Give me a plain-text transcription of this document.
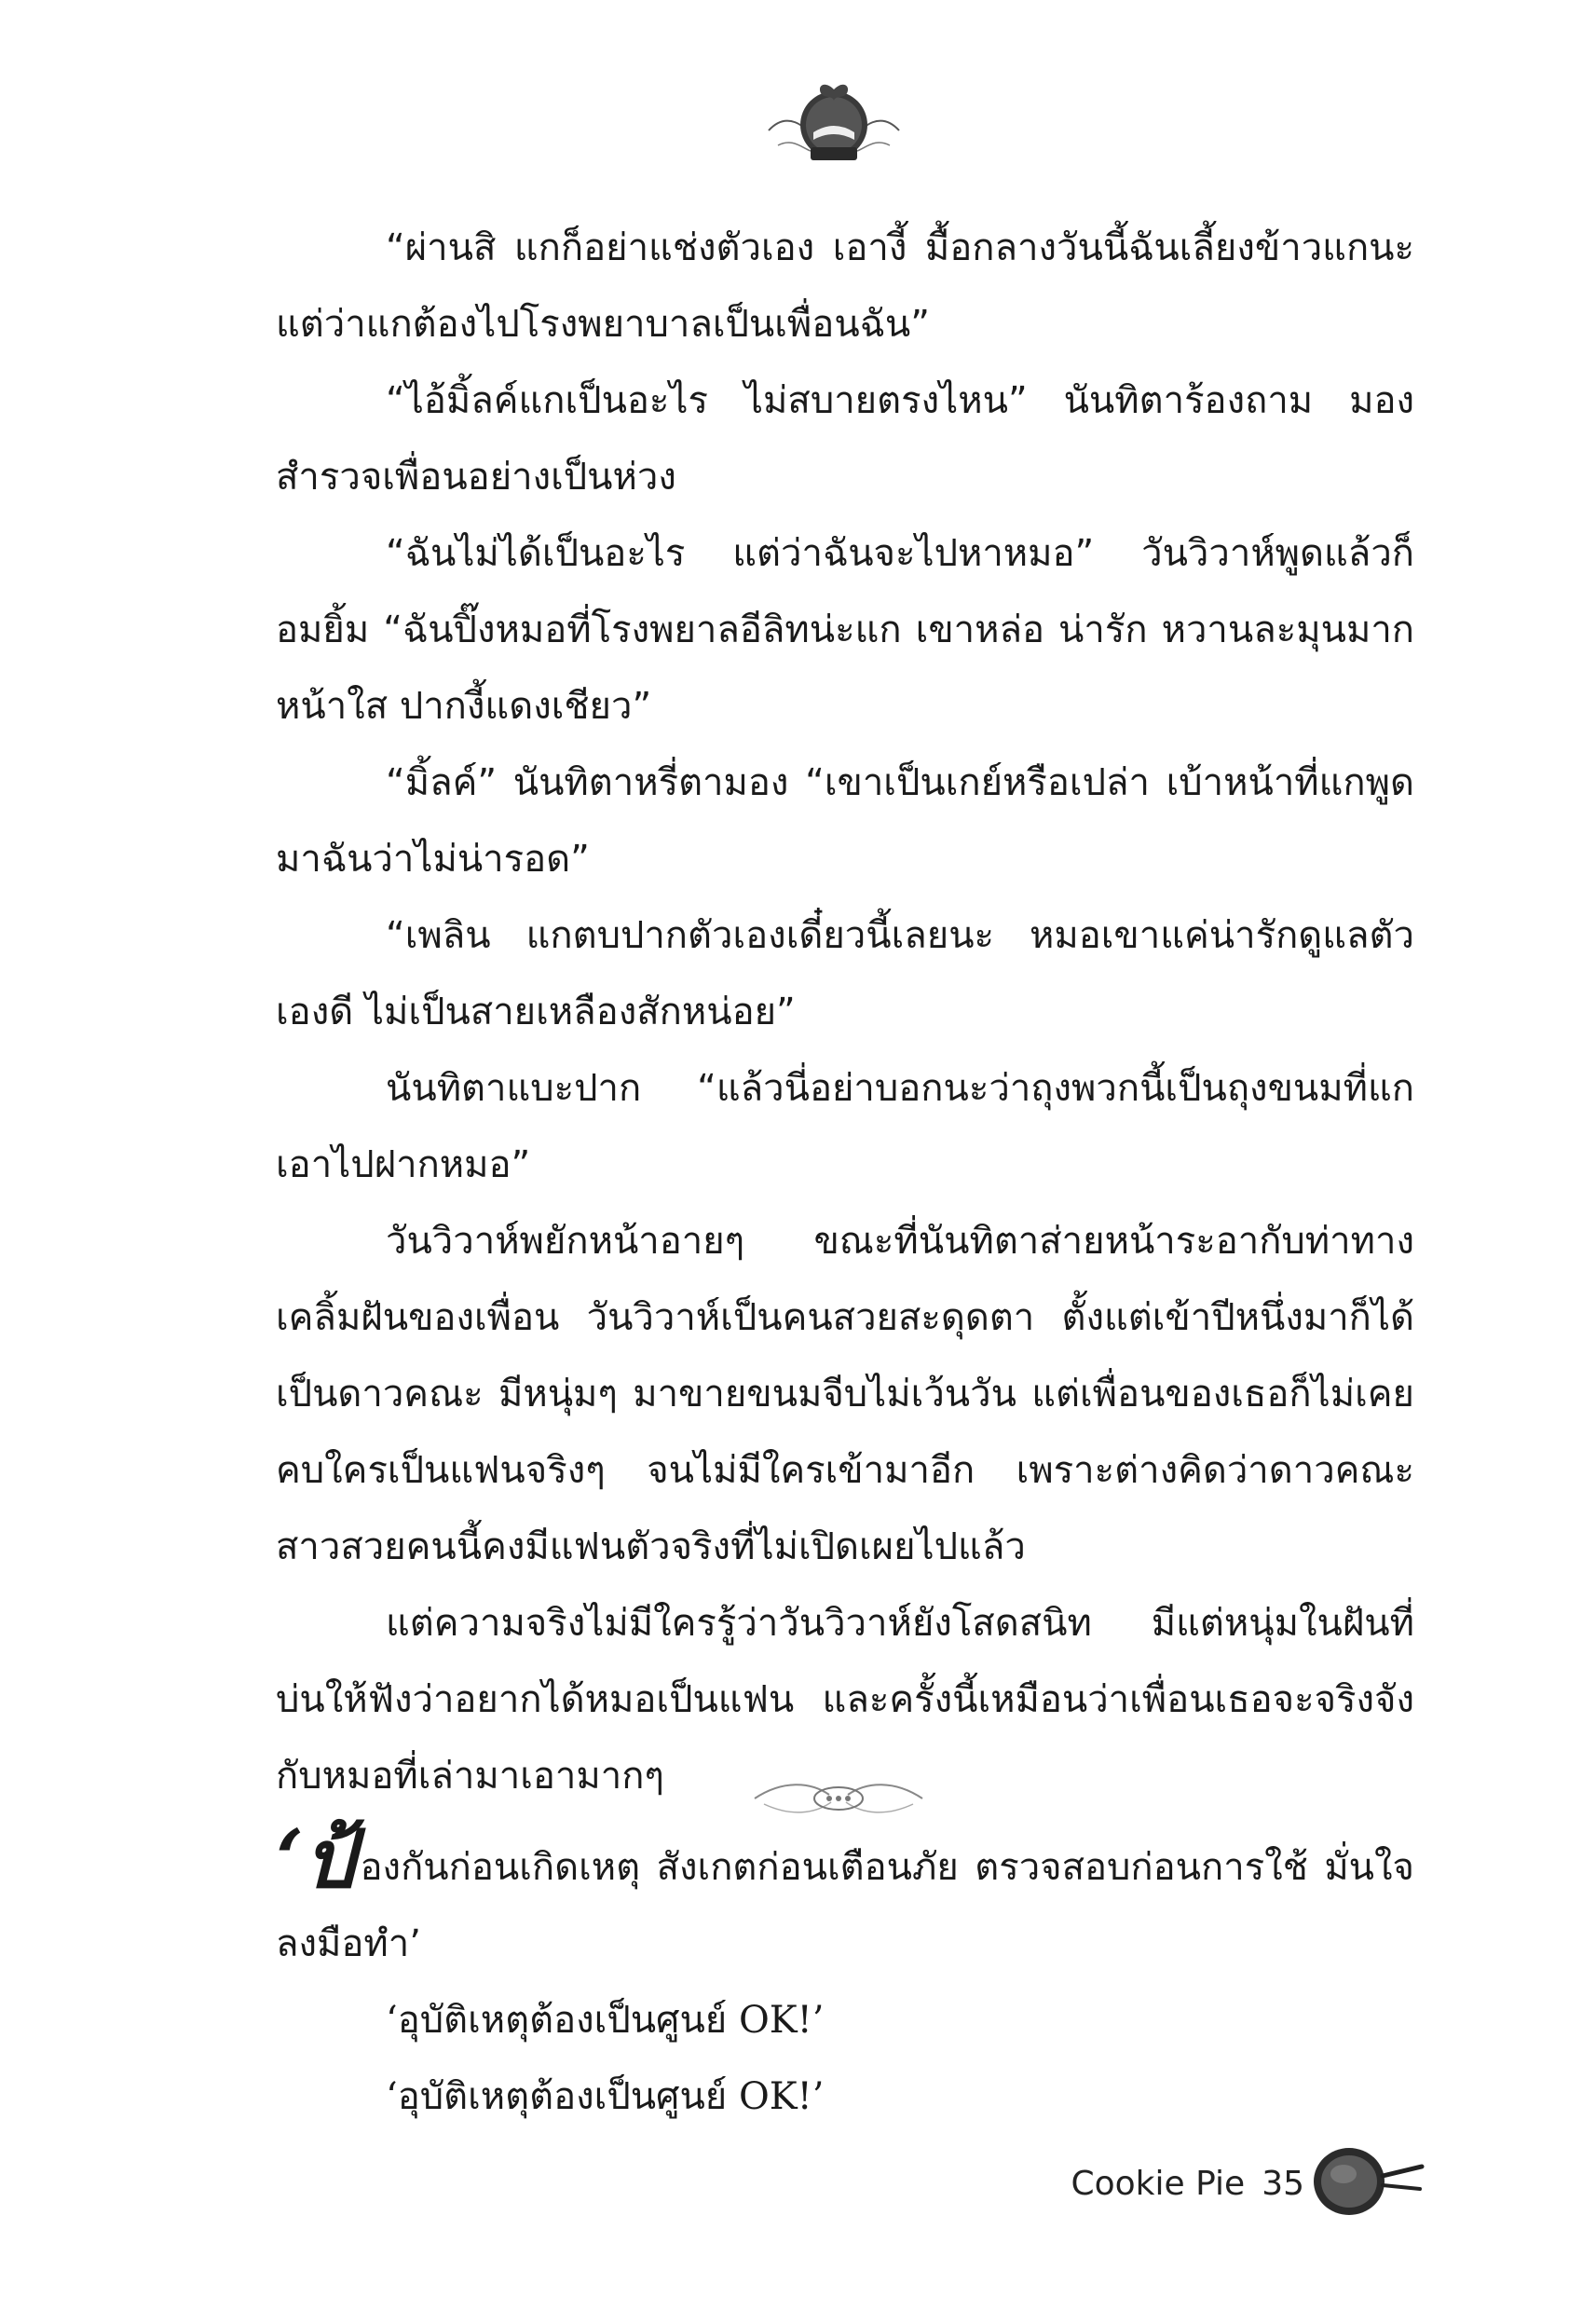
“ผ่านสิ แกก็อย่าแช่งตัวเอง เอางี้ มื้อกลางวันนี้ฉันเลี้ยงข้าวแกนะ แต่ว่าแกต้องไปโรงพยาบาลเป็นเพื่อนฉัน”

“ไอ้มิ้ลค์แกเป็นอะไร ไม่สบายตรงไหน” นันทิตาร้องถาม มองสำรวจเพื่อนอย่างเป็นห่วง

“ฉันไม่ได้เป็นอะไร แต่ว่าฉันจะไปหาหมอ” วันวิวาห์พูดแล้วก็อมยิ้ม “ฉันปิ๊งหมอที่โรงพยาลอีลิทน่ะแก เขาหล่อ น่ารัก หวานละมุนมาก หน้าใส ปากงี้แดงเชียว”

“มิ้ลค์” นันทิตาหรี่ตามอง “เขาเป็นเกย์หรือเปล่า เบ้าหน้าที่แกพูดมาฉันว่าไม่น่ารอด”

“เพลิน แกตบปากตัวเองเดี๋ยวนี้เลยนะ หมอเขาแค่น่ารักดูแลตัวเองดี ไม่เป็นสายเหลืองสักหน่อย”

นันทิตาแบะปาก “แล้วนี่อย่าบอกนะว่าถุงพวกนี้เป็นถุงขนมที่แกเอาไปฝากหมอ”

วันวิวาห์พยักหน้าอายๆ ขณะที่นันทิตาส่ายหน้าระอากับท่าทางเคลิ้มฝันของเพื่อน วันวิวาห์เป็นคนสวยสะดุดตา ตั้งแต่เข้าปีหนึ่งมาก็ได้เป็นดาวคณะ มีหนุ่มๆ มาขายขนมจีบไม่เว้นวัน แต่เพื่อนของเธอก็ไม่เคยคบใครเป็นแฟนจริงๆ จนไม่มีใครเข้ามาอีก เพราะต่างคิดว่าดาวคณะสาวสวยคนนี้คงมีแฟนตัวจริงที่ไม่เปิดเผยไปแล้ว

แต่ความจริงไม่มีใครรู้ว่าวันวิวาห์ยังโสดสนิท มีแต่หนุ่มในฝันที่บ่นให้ฟังว่าอยากได้หมอเป็นแฟน และครั้งนี้เหมือนว่าเพื่อนเธอจะจริงจังกับหมอที่เล่ามาเอามากๆ

‘ป้องกันก่อนเกิดเหตุ สังเกตก่อนเตือนภัย ตรวจสอบก่อนการใช้ มั่นใจลงมือทำ’

‘อุบัติเหตุต้องเป็นศูนย์ OK!’

‘อุบัติเหตุต้องเป็นศูนย์ OK!’

Cookie Pie 35
